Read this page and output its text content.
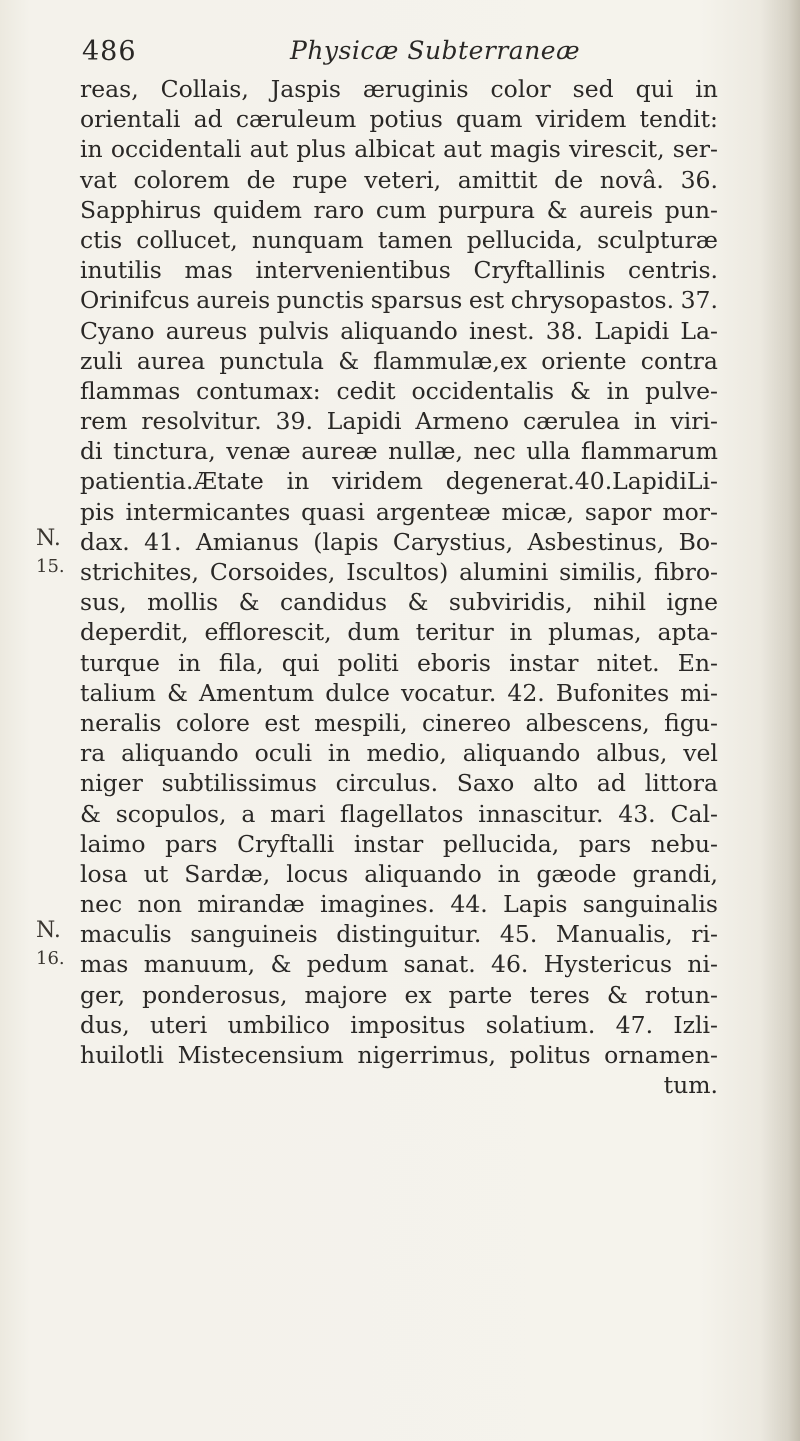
486	Physicæ Subterraneæ
N.
15.
N.
16.
reas, Collais, Jaspis æruginis color sed qui in
orientali ad cæruleum potius quam viridem tendit:
in occidentali aut plus albicat aut magis virescit, ser-
vat colorem de rupe veteri, amittit de novâ. 36.
Sapphirus quidem raro cum purpura & aureis pun-
ctis collucet, nunquam tamen pellucida, sculpturæ
inutilis mas intervenientibus Cryftallinis centris.
Orinifcus aureis punctis sparsus est chrysopastos. 37.
Cyano aureus pulvis aliquando inest. 38. Lapidi La-
zuli aurea punctula & flammulæ,ex oriente contra
flammas contumax: cedit occidentalis & in pulve-
rem resolvitur. 39. Lapidi Armeno cærulea in viri-
di tinctura, venæ aureæ nullæ, nec ulla flammarum
patientia.Ætate in viridem degenerat.40.LapidiLi-
pis intermicantes quasi argenteæ micæ, sapor mor-
dax. 41. Amianus (lapis Carystius, Asbestinus, Bo-
strichites, Corsoides, Iscultos) alumini similis, fibro-
sus, mollis & candidus & subviridis, nihil igne
deperdit, efflorescit, dum teritur in plumas, apta-
turque in fila, qui politi eboris instar nitet. En-
talium & Amentum dulce vocatur. 42. Bufonites mi-
neralis colore est mespili, cinereo albescens, figu-
ra aliquando oculi in medio, aliquando albus, vel
niger subtilissimus circulus. Saxo alto ad littora
& scopulos, a mari flagellatos innascitur. 43. Cal-
laimo pars Cryftalli instar pellucida, pars nebu-
losa ut Sardæ, locus aliquando in gæode grandi,
nec non mirandæ imagines. 44. Lapis sanguinalis
maculis sanguineis distinguitur. 45. Manualis, ri-
mas manuum, & pedum sanat. 46. Hystericus ni-
ger, ponderosus, majore ex parte teres & rotun-
dus, uteri umbilico impositus solatium. 47. Izli-
huilotli Mistecensium nigerrimus, politus ornamen-
tum.
